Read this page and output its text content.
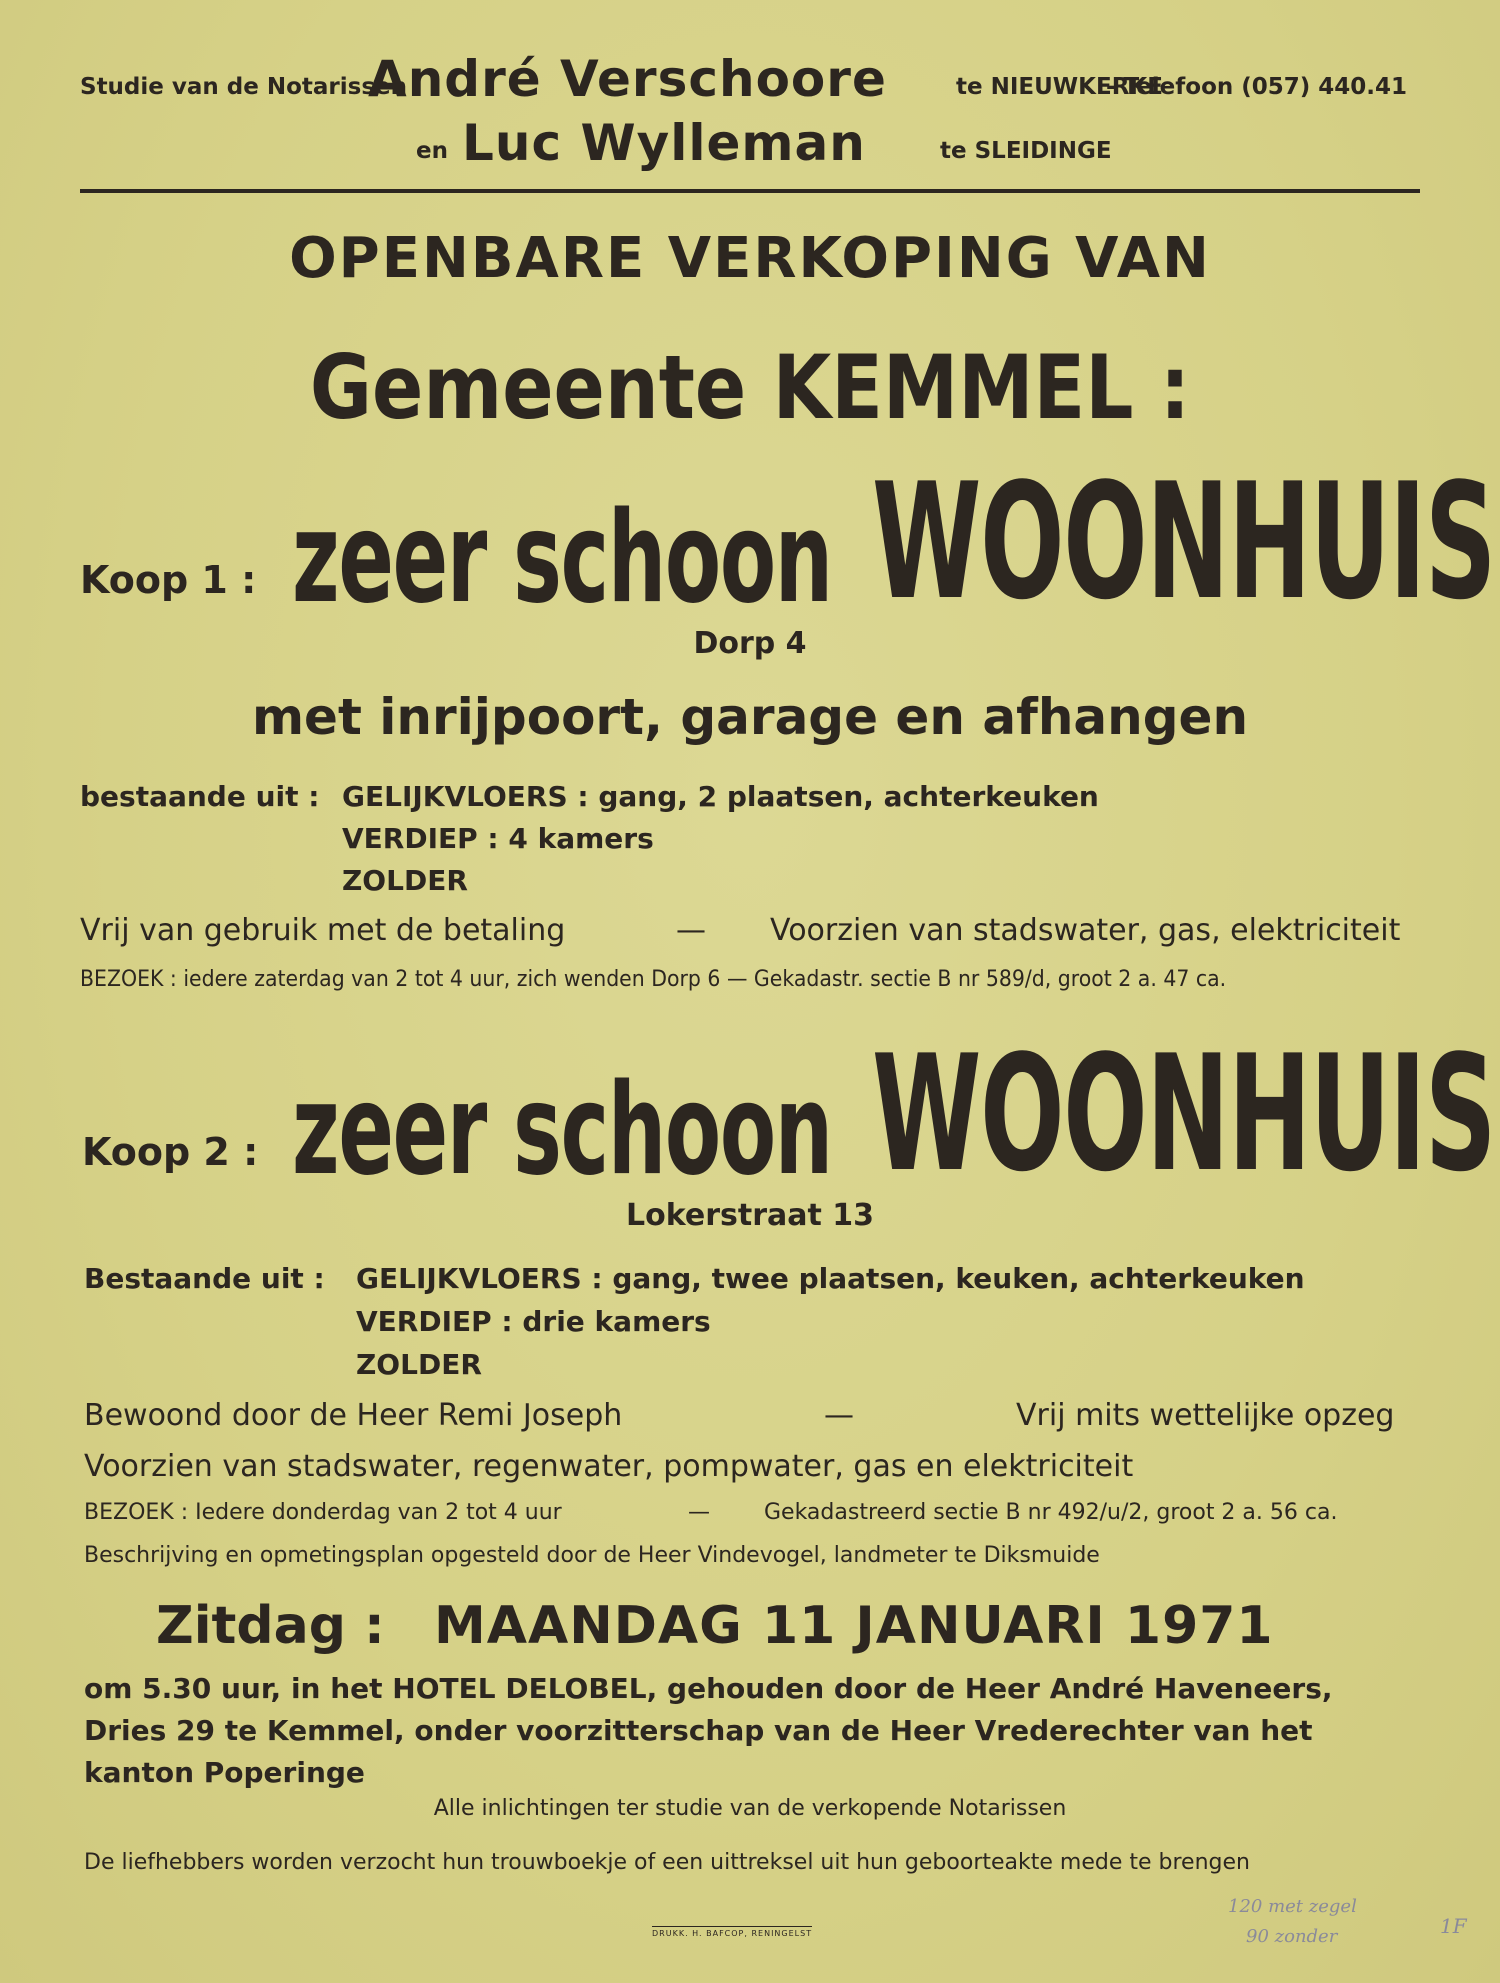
Studie van de Notarissen
André Verschoore	te NIEUWKERKE
- Telefoon (057) 440.41
en Luc Wylleman	te SLEIDINGE
OPENBARE VERKOPING VAN
Gemeente KEMMEL :
Koop 1 : zeer schoon WOONHUIS
Dorp 4
met inrijpoort, garage en afhangen
bestaande uit : GELIJKVLOERS : gang, 2 plaatsen, achterkeuken
VERDIEP : 4 kamers
ZOLDER
Vrij van gebruik met de betaling	— Voorzien van stadswater, gas, elektriciteit
BEZOEK : iedere zaterdag van 2 tot 4 uur, zich wenden Dorp 6 — Gekadastr. sectie B nr 589/d, groot 2 a. 47 ca.
Koop 2 : zeer schoon WOONHUIS
Lokerstraat 13
Bestaande uit : GELIJKVLOERS : gang, twee plaatsen, keuken, achterkeuken
VERDIEP : drie kamers
ZOLDER
Bewoond door de Heer Remi Joseph	—	Vrij mits wettelijke opzeg
Voorzien van stadswater, regenwater, pompwater, gas en elektriciteit
BEZOEK : Iedere donderdag van 2 tot 4 uur	— Gekadastreerd sectie B nr 492/u/2, groot 2 a. 56 ca.
Beschrijving en opmetingsplan opgesteld door de Heer Vindevogel, landmeter te Diksmuide
Zitdag : MAANDAG 11 JANUARI 1971
om 5.30 uur, in het HOTEL DELOBEL, gehouden door de Heer André Haveneers,
Dries 29 te Kemmel, onder voorzitterschap van de Heer Vrederechter van het
kanton Poperinge
Alle inlichtingen ter studie van de verkopende Notarissen
De liefhebbers worden verzocht hun trouwboekje of een uittreksel uit hun geboorteakte mede te brengen
DRUKK. H. BAFCOP, RENINGELST
120 met zegel
90 zonder	1F
